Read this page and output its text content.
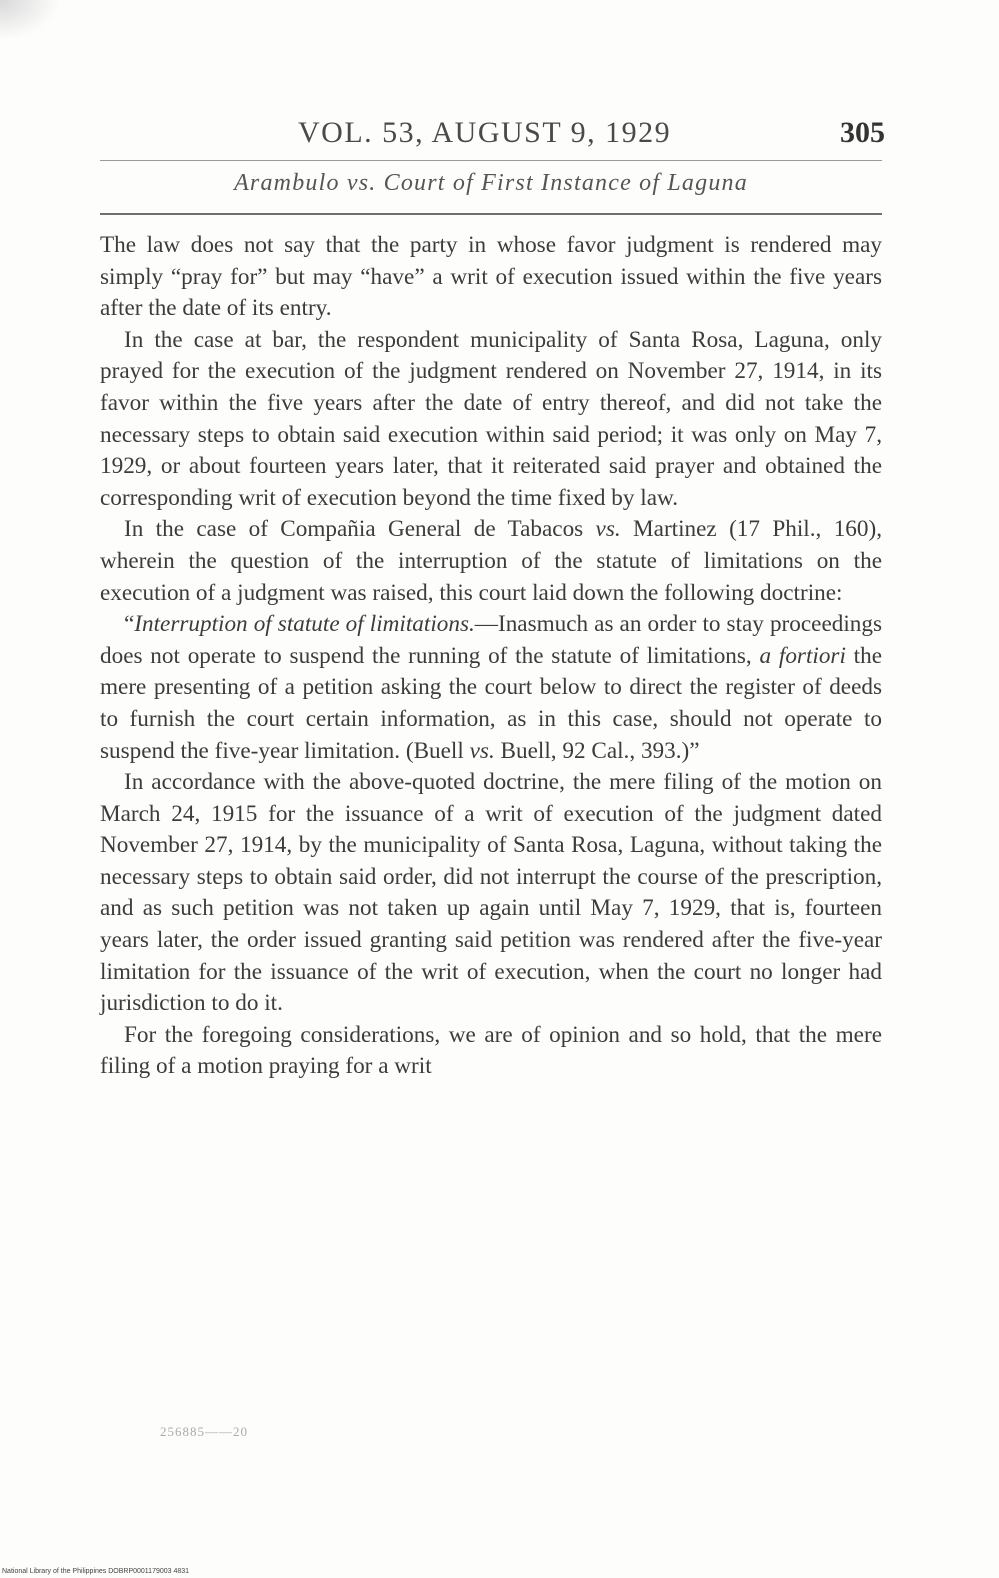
VOL. 53, AUGUST 9, 1929	305
Arambulo vs. Court of First Instance of Laguna

The law does not say that the party in whose favor judgment is rendered may simply “pray for” but may “have” a writ of execution issued within the five years after the date of its entry.

In the case at bar, the respondent municipality of Santa Rosa, Laguna, only prayed for the execution of the judgment rendered on November 27, 1914, in its favor within the five years after the date of entry thereof, and did not take the necessary steps to obtain said execution within said period; it was only on May 7, 1929, or about fourteen years later, that it reiterated said prayer and obtained the corresponding writ of execution beyond the time fixed by law.

In the case of Compañia General de Tabacos vs. Martinez (17 Phil., 160), wherein the question of the interruption of the statute of limitations on the execution of a judgment was raised, this court laid down the following doctrine:

“Interruption of statute of limitations.—Inasmuch as an order to stay proceedings does not operate to suspend the running of the statute of limitations, a fortiori the mere presenting of a petition asking the court below to direct the register of deeds to furnish the court certain information, as in this case, should not operate to suspend the five-year limitation. (Buell vs. Buell, 92 Cal., 393.)”

In accordance with the above-quoted doctrine, the mere filing of the motion on March 24, 1915 for the issuance of a writ of execution of the judgment dated November 27, 1914, by the municipality of Santa Rosa, Laguna, without taking the necessary steps to obtain said order, did not interrupt the course of the prescription, and as such petition was not taken up again until May 7, 1929, that is, fourteen years later, the order issued granting said petition was rendered after the five-year limitation for the issuance of the writ of execution, when the court no longer had jurisdiction to do it.

For the foregoing considerations, we are of opinion and so hold, that the mere filing of a motion praying for a writ

256885——20
National Library of the Philippines DOBRP0001179003 4831
